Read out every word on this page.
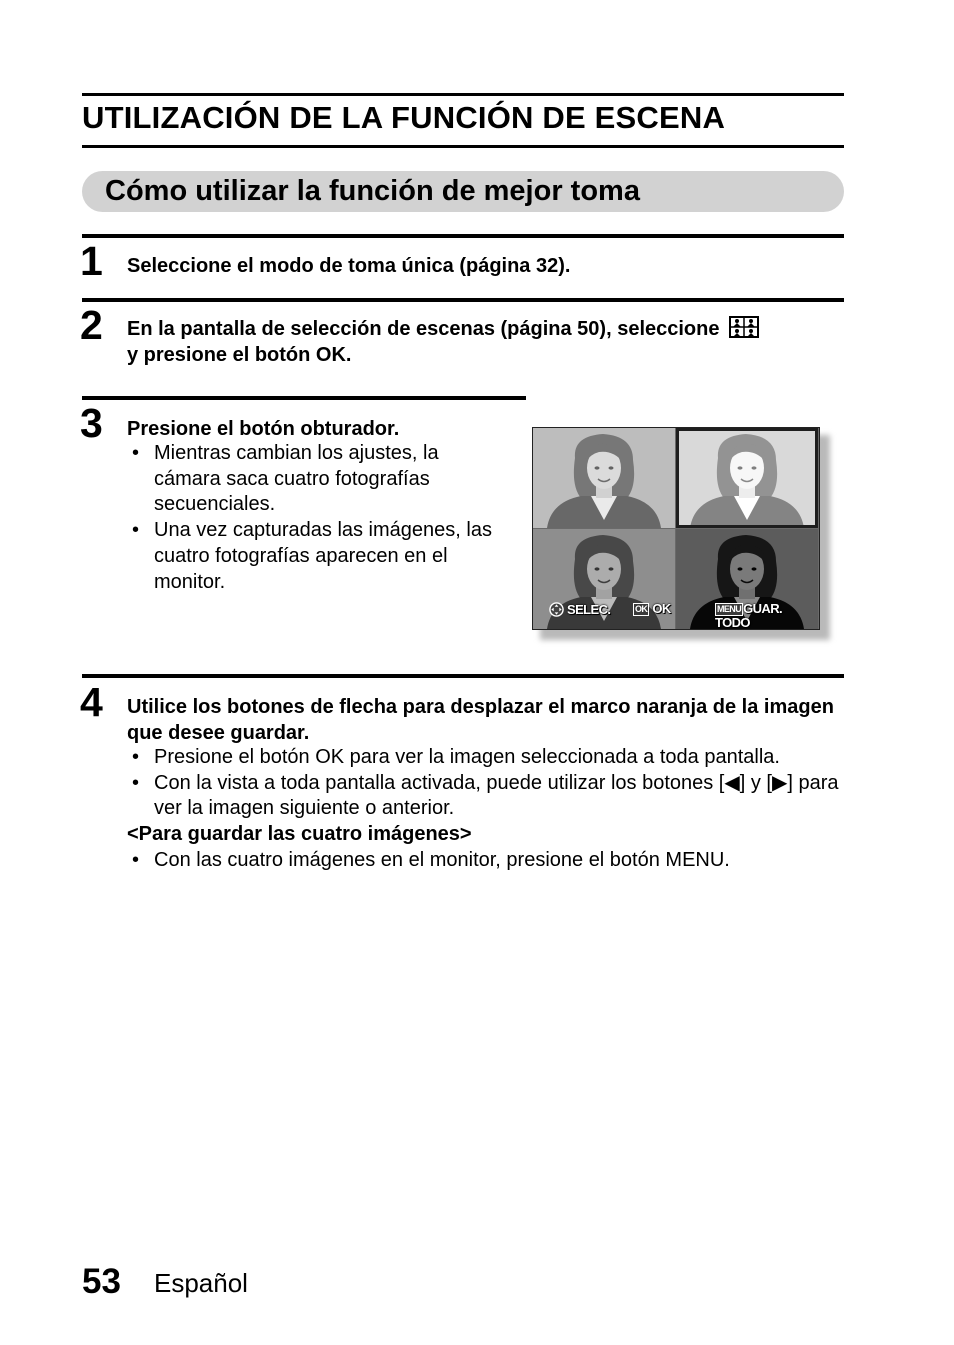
UTILIZACIÓN DE LA FUNCIÓN DE ESCENA
Cómo utilizar la función de mejor toma
1 Seleccione el modo de toma única (página 32).
2 En la pantalla de selección de escenas (página 50), seleccione
y presione el botón OK.
3 Presione el botón obturador.
• Mientras cambian los ajustes, la cámara saca cuatro fotografías secuenciales.
• Una vez capturadas las imágenes, las cuatro fotografías aparecen en el monitor.
SELEC.	OK OK	MENU GUAR. TODO
4 Utilice los botones de flecha para desplazar el marco naranja de la imagen que desee guardar.
• Presione el botón OK para ver la imagen seleccionada a toda pantalla.
• Con la vista a toda pantalla activada, puede utilizar los botones [◀] y [▶] para ver la imagen siguiente o anterior.
<Para guardar las cuatro imágenes>
• Con las cuatro imágenes en el monitor, presione el botón MENU.
53 Español
